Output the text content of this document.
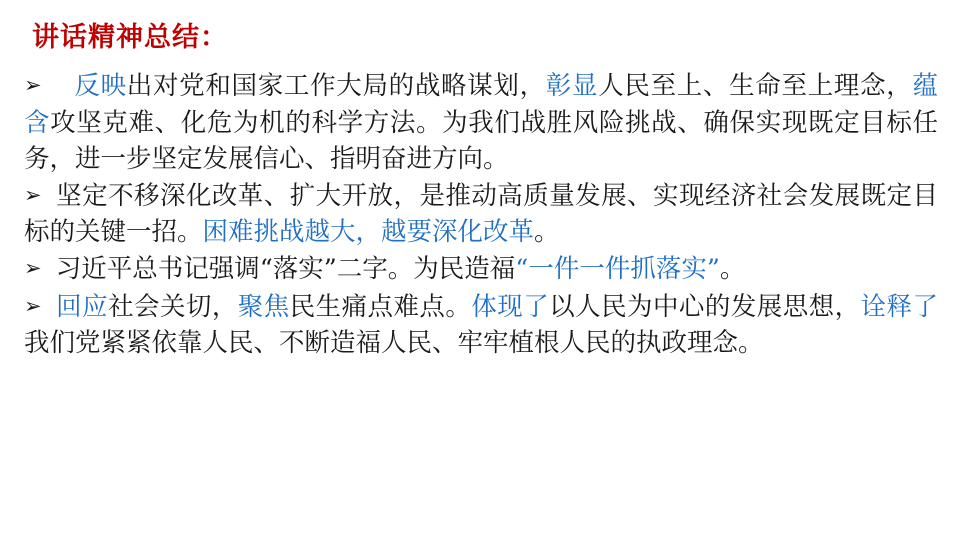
讲话精神总结：

➢ 反映出对党和国家工作大局的战略谋划，彰显人民至上、生命至上理念，蕴含攻坚克难、化危为机的科学方法。为我们战胜风险挑战、确保实现既定目标任务，进一步坚定发展信心、指明奋进方向。

➢ 坚定不移深化改革、扩大开放，是推动高质量发展、实现经济社会发展既定目标的关键一招。困难挑战越大，越要深化改革。

➢ 习近平总书记强调“落实”二字。为民造福“一件一件抓落实”。

➢ 回应社会关切，聚焦民生痛点难点。体现了以人民为中心的发展思想，诠释了我们党紧紧依靠人民、不断造福人民、牢牢植根人民的执政理念。
